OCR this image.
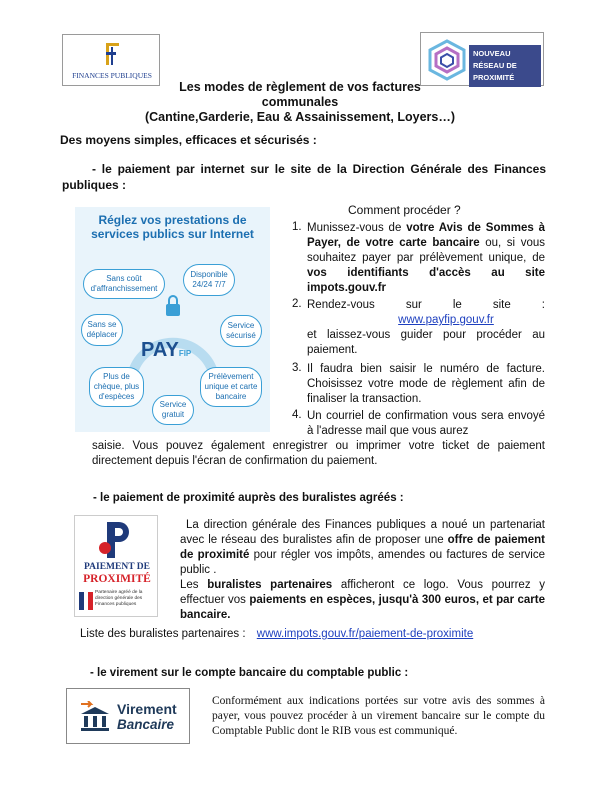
FINANCES PUBLIQUES
NOUVEAU RÉSEAU DE PROXIMITÉ
Les modes de règlement de vos factures
communales
(Cantine,Garderie, Eau & Assainissement, Loyers…)
Des moyens simples, efficaces et sécurisés :
- le paiement par internet sur le site de la Direction Générale des Finances publiques :
Réglez vos prestations de services publics sur Internet
Sans coût d'affranchissement
Disponible 24/24 7/7
Sans se déplacer
Service sécurisé
Plus de chèque, plus d'espèces
Service gratuit
Prélèvement unique et carte bancaire
PAYFIP
Comment procéder ?
1. Munissez-vous de votre Avis de Sommes à Payer, de votre carte bancaire ou, si vous souhaitez payer par prélèvement unique, de vos identifiants d'accès au site impots.gouv.fr
2. Rendez-vous sur le site :
www.payfip.gouv.fr
et laissez-vous guider pour procéder au paiement.
3. Il faudra bien saisir le numéro de facture. Choisissez votre mode de règlement afin de finaliser la transaction.
4. Un courriel de confirmation vous sera envoyé à l'adresse mail que vous aurez
saisie. Vous pouvez également enregistrer ou imprimer votre ticket de paiement directement depuis l'écran de confirmation du paiement.
- le paiement de proximité auprès des buralistes agréés :
PAIEMENT DE
PROXIMITÉ
Partenaire agréé de la direction générale des Finances publiques
La direction générale des Finances publiques a noué un partenariat avec le réseau des buralistes afin de proposer une offre de paiement de proximité pour régler vos impôts, amendes ou factures de service public .
Les buralistes partenaires afficheront ce logo. Vous pourrez y effectuer vos paiements en espèces, jusqu'à 300 euros, et par carte bancaire.
Liste des buralistes partenaires : www.impots.gouv.fr/paiement-de-proximite
- le virement sur le compte bancaire du comptable public :
Virement
Bancaire
Conformément aux indications portées sur votre avis des sommes à payer, vous pouvez procéder à un virement bancaire sur le compte du Comptable Public dont le RIB vous est communiqué.
